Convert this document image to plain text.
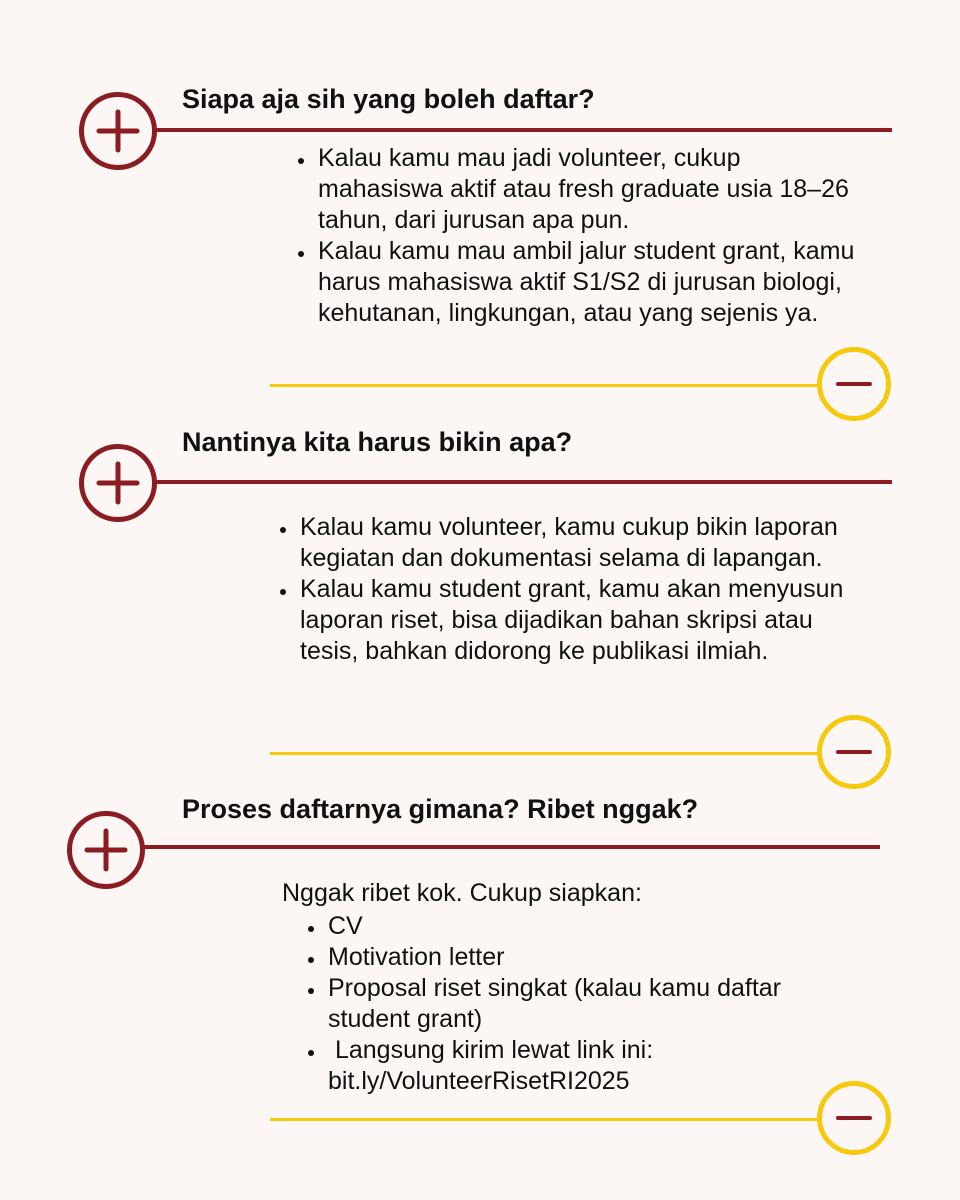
Siapa aja sih yang boleh daftar?
• Kalau kamu mau jadi volunteer, cukup mahasiswa aktif atau fresh graduate usia 18–26 tahun, dari jurusan apa pun.
• Kalau kamu mau ambil jalur student grant, kamu harus mahasiswa aktif S1/S2 di jurusan biologi, kehutanan, lingkungan, atau yang sejenis ya.
Nantinya kita harus bikin apa?
• Kalau kamu volunteer, kamu cukup bikin laporan kegiatan dan dokumentasi selama di lapangan.
• Kalau kamu student grant, kamu akan menyusun laporan riset, bisa dijadikan bahan skripsi atau tesis, bahkan didorong ke publikasi ilmiah.
Proses daftarnya gimana? Ribet nggak?

Nggak ribet kok. Cukup siapkan:

• CV
• Motivation letter
• Proposal riset singkat (kalau kamu daftar student grant)
•  Langsung kirim lewat link ini: bit.ly/VolunteerRisetRI2025
